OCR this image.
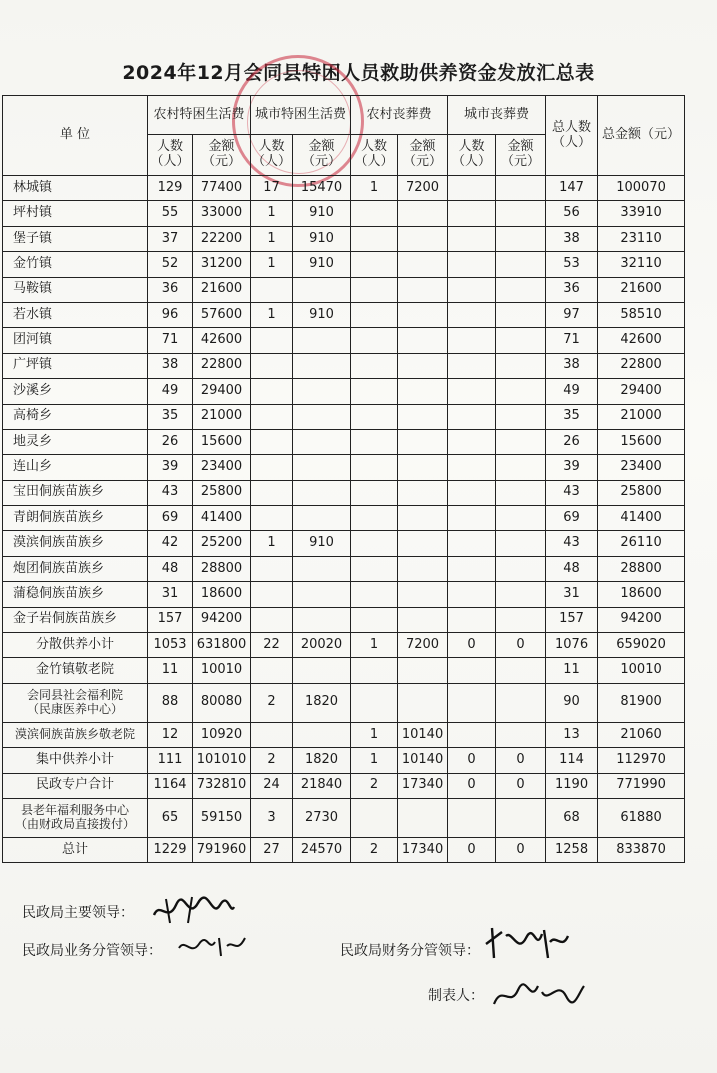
2024年12月会同县特困人员救助供养资金发放汇总表
单 位	农村特困生活费		城市特困生活费		农村丧葬费		城市丧葬费		总人数（人）	总金额（元）
	人数（人）	金额（元）	人数（人）	金额（元）	人数（人）	金额（元）	人数（人）	金额（元）		
林城镇	129	77400	17	15470	1	7200			147	100070
坪村镇	55	33000	1	910					56	33910
堡子镇	37	22200	1	910					38	23110
金竹镇	52	31200	1	910					53	32110
马鞍镇	36	21600							36	21600
若水镇	96	57600	1	910					97	58510
团河镇	71	42600							71	42600
广坪镇	38	22800							38	22800
沙溪乡	49	29400							49	29400
高椅乡	35	21000							35	21000
地灵乡	26	15600							26	15600
连山乡	39	23400							39	23400
宝田侗族苗族乡	43	25800							43	25800
青朗侗族苗族乡	69	41400							69	41400
漠滨侗族苗族乡	42	25200	1	910					43	26110
炮团侗族苗族乡	48	28800							48	28800
蒲稳侗族苗族乡	31	18600							31	18600
金子岩侗族苗族乡	157	94200							157	94200
分散供养小计	1053	631800	22	20020	1	7200	0	0	1076	659020
金竹镇敬老院	11	10010							11	10010
会同县社会福利院
（民康医养中心）	88	80080	2	1820					90	81900
漠滨侗族苗族乡敬老院	12	10920			1	10140			13	21060
集中供养小计	111	101010	2	1820	1	10140	0	0	114	112970
民政专户合计	1164	732810	24	21840	2	17340	0	0	1190	771990
县老年福利服务中心
（由财政局直接拨付）	65	59150	3	2730					68	61880
总计	1229	791960	27	24570	2	17340	0	0	1258	833870
民政局主要领导：
民政局业务分管领导：	民政局财务分管领导：
制表人：
